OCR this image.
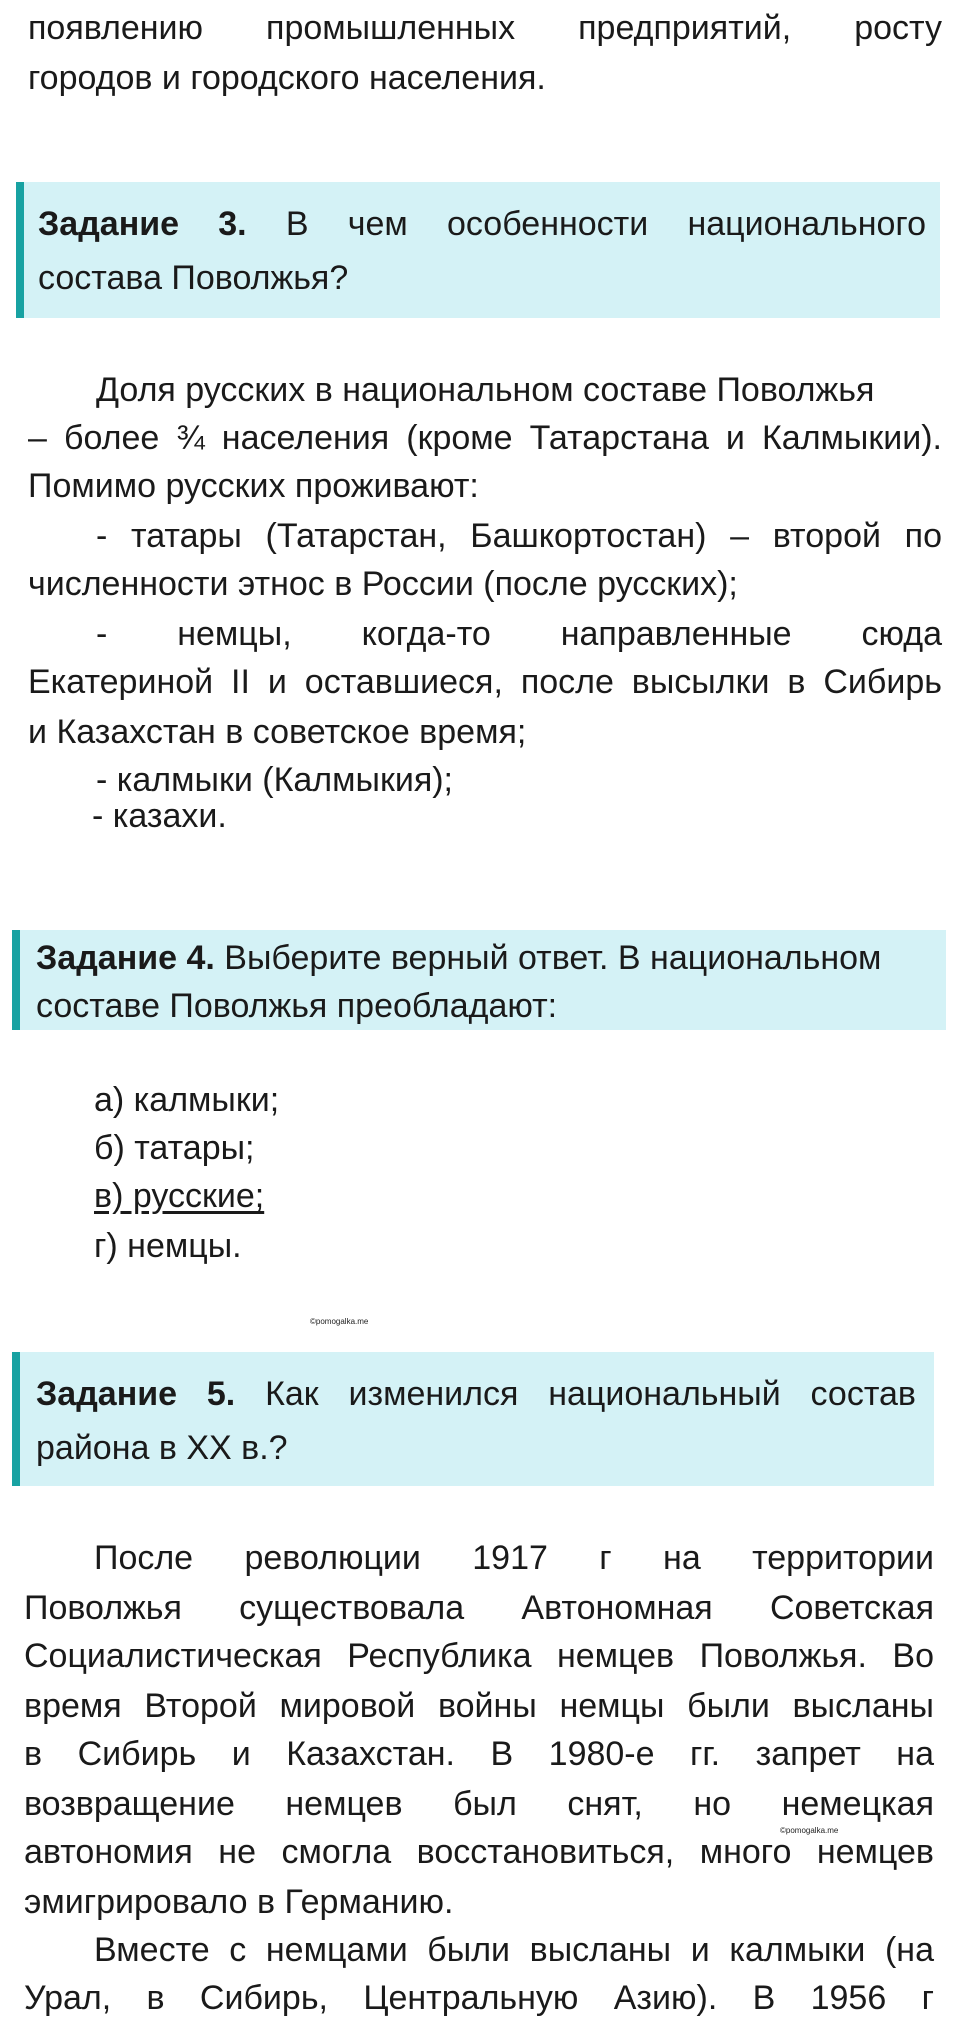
появлению промышленных предприятий, росту
городов и городского населения.
Задание 3. В чем особенности национального
состава Поволжья?
Доля русских в национальном составе Поволжья
– более ¾ населения (кроме Татарстана и Калмыкии).
Помимо русских проживают:
- татары (Татарстан, Башкортостан) – второй по
численности этнос в России (после русских);
- немцы, когда-то направленные сюда
Екатериной II и оставшиеся, после высылки в Сибирь
и Казахстан в советское время;
- калмыки (Калмыкия);
- казахи.
Задание 4. Выберите верный ответ. В национальном
составе Поволжья преобладают:
а) калмыки;
б) татары;
в) русские;
г) немцы.
©pomogalka.me
Задание 5. Как изменился национальный состав
района в XX в.?
После революции 1917 г на территории
Поволжья существовала Автономная Советская
Социалистическая Республика немцев Поволжья. Во
время Второй мировой войны немцы были высланы
в Сибирь и Казахстан. В 1980-е гг. запрет на
возвращение немцев был снят, но немецкая
©pomogalka.me
автономия не смогла восстановиться, много немцев
эмигрировало в Германию.
Вместе с немцами были высланы и калмыки (на
Урал, в Сибирь, Центральную Азию). В 1956 г
